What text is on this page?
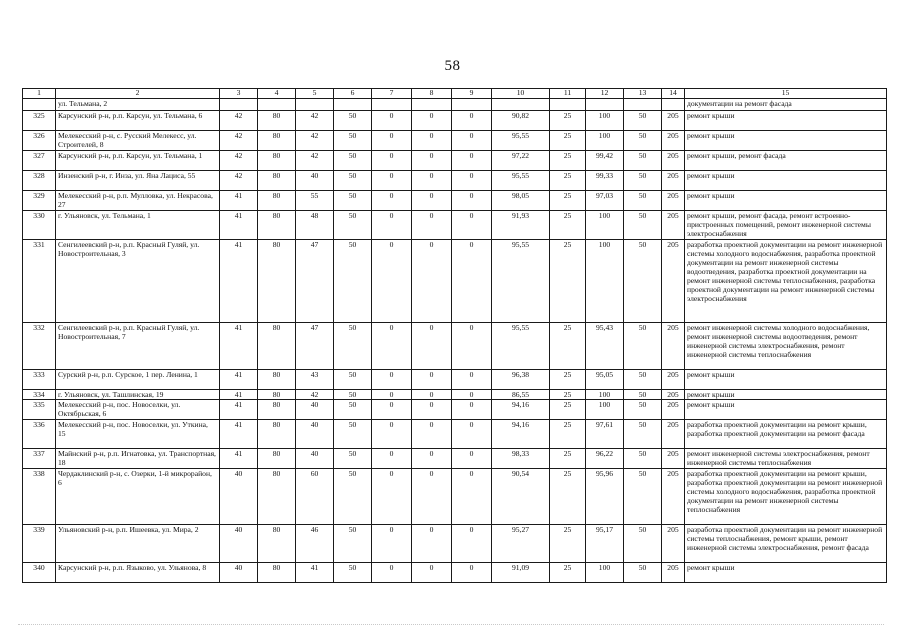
58
1	2	3	4	5	6	7	8	9	10	11	12	13	14	15
	ул. Тельмана, 2													документации на ремонт фасада
325	Карсунский р-н, р.п. Карсун, ул. Тельмана, 6	42	80	42	50	0	0	0	90,82	25	100	50	205	ремонт крыши
326	Мелекесский р-н, с. Русский Мелекесс, ул. Строителей, 8	42	80	42	50	0	0	0	95,55	25	100	50	205	ремонт крыши
327	Карсунский р-н, р.п. Карсун, ул. Тельмана, 1	42	80	42	50	0	0	0	97,22	25	99,42	50	205	ремонт крыши, ремонт фасада
328	Инзенский р-н, г. Инза, ул. Яна Лациса, 55	42	80	40	50	0	0	0	95,55	25	99,33	50	205	ремонт крыши
329	Мелекесский р-н, р.п. Мулловка, ул. Некрасова, 27	41	80	55	50	0	0	0	98,05	25	97,03	50	205	ремонт крыши
330	г. Ульяновск, ул. Тельмана, 1	41	80	48	50	0	0	0	91,93	25	100	50	205	ремонт крыши, ремонт фасада, ремонт встроенно-пристроенных помещений, ремонт инженерной системы электроснабжения
331	Сенгилеевский р-н, р.п. Красный Гуляй, ул. Новостроительная, 3	41	80	47	50	0	0	0	95,55	25	100	50	205	разработка проектной документации на ремонт инженерной системы холодного водоснабжения, разработка проектной документации на ремонт инженерной системы водоотведения, разработка проектной документации на ремонт инженерной системы теплоснабжения, разработка проектной документации на ремонт инженерной системы электроснабжения
332	Сенгилеевский р-н, р.п. Красный Гуляй, ул. Новостроительная, 7	41	80	47	50	0	0	0	95,55	25	95,43	50	205	ремонт инженерной системы холодного водоснабжения, ремонт инженерной системы водоотведения, ремонт инженерной системы электроснабжения, ремонт инженерной системы теплоснабжения
333	Сурский р-н, р.п. Сурское, 1 пер. Ленина, 1	41	80	43	50	0	0	0	96,38	25	95,05	50	205	ремонт крыши
334	г. Ульяновск, ул. Ташлинская, 19	41	80	42	50	0	0	0	86,55	25	100	50	205	ремонт крыши
335	Мелекесский р-н, пос. Новоселки, ул. Октябрьская, 6	41	80	40	50	0	0	0	94,16	25	100	50	205	ремонт крыши
336	Мелекесский р-н, пос. Новоселки, ул. Уткина, 15	41	80	40	50	0	0	0	94,16	25	97,61	50	205	разработка проектной документации на ремонт крыши, разработка проектной документации на ремонт фасада
337	Майнский р-н, р.п. Игнатовка, ул. Транспортная, 18	41	80	40	50	0	0	0	98,33	25	96,22	50	205	ремонт инженерной системы электроснабжения, ремонт инженерной системы теплоснабжения
338	Чердаклинский р-н, с. Озерки, 1-й микрорайон, 6	40	80	60	50	0	0	0	90,54	25	95,96	50	205	разработка проектной документации на ремонт крыши, разработка проектной документации на ремонт инженерной системы холодного водоснабжения, разработка проектной документации на ремонт инженерной системы теплоснабжения
339	Ульяновский р-н, р.п. Ишеевка, ул. Мира, 2	40	80	46	50	0	0	0	95,27	25	95,17	50	205	разработка проектной документации на ремонт инженерной системы теплоснабжения, ремонт крыши, ремонт инженерной системы электроснабжения, ремонт фасада
340	Карсунский р-н, р.п. Языково, ул. Ульянова, 8	40	80	41	50	0	0	0	91,09	25	100	50	205	ремонт крыши
